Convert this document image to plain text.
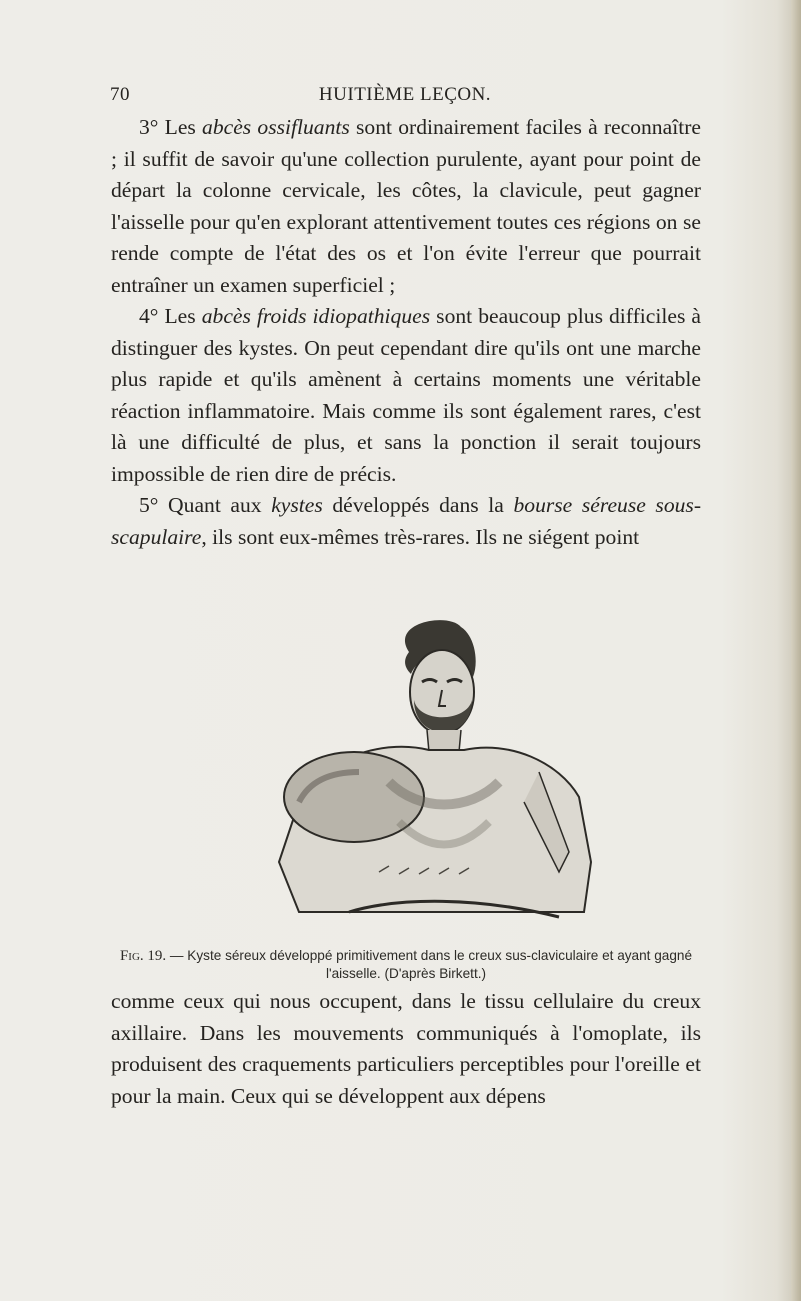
70	HUITIÈME LEÇON.

3° Les abcès ossifluants sont ordinairement faciles à reconnaître ; il suffit de savoir qu'une collection purulente, ayant pour point de départ la colonne cervicale, les côtes, la clavicule, peut gagner l'aisselle pour qu'en explorant attentivement toutes ces régions on se rende compte de l'état des os et l'on évite l'erreur que pourrait entraîner un examen superficiel ;

4° Les abcès froids idiopathiques sont beaucoup plus difficiles à distinguer des kystes. On peut cependant dire qu'ils ont une marche plus rapide et qu'ils amènent à certains moments une véritable réaction inflammatoire. Mais comme ils sont également rares, c'est là une difficulté de plus, et sans la ponction il serait toujours impossible de rien dire de précis.

5° Quant aux kystes développés dans la bourse séreuse sous-scapulaire, ils sont eux-mêmes très-rares. Ils ne siégent point

Fig. 19. — Kyste séreux développé primitivement dans le creux sus-claviculaire et ayant gagné l'aisselle. (D'après Birkett.)

comme ceux qui nous occupent, dans le tissu cellulaire du creux axillaire. Dans les mouvements communiqués à l'omoplate, ils produisent des craquements particuliers perceptibles pour l'oreille et pour la main. Ceux qui se développent aux dépens
